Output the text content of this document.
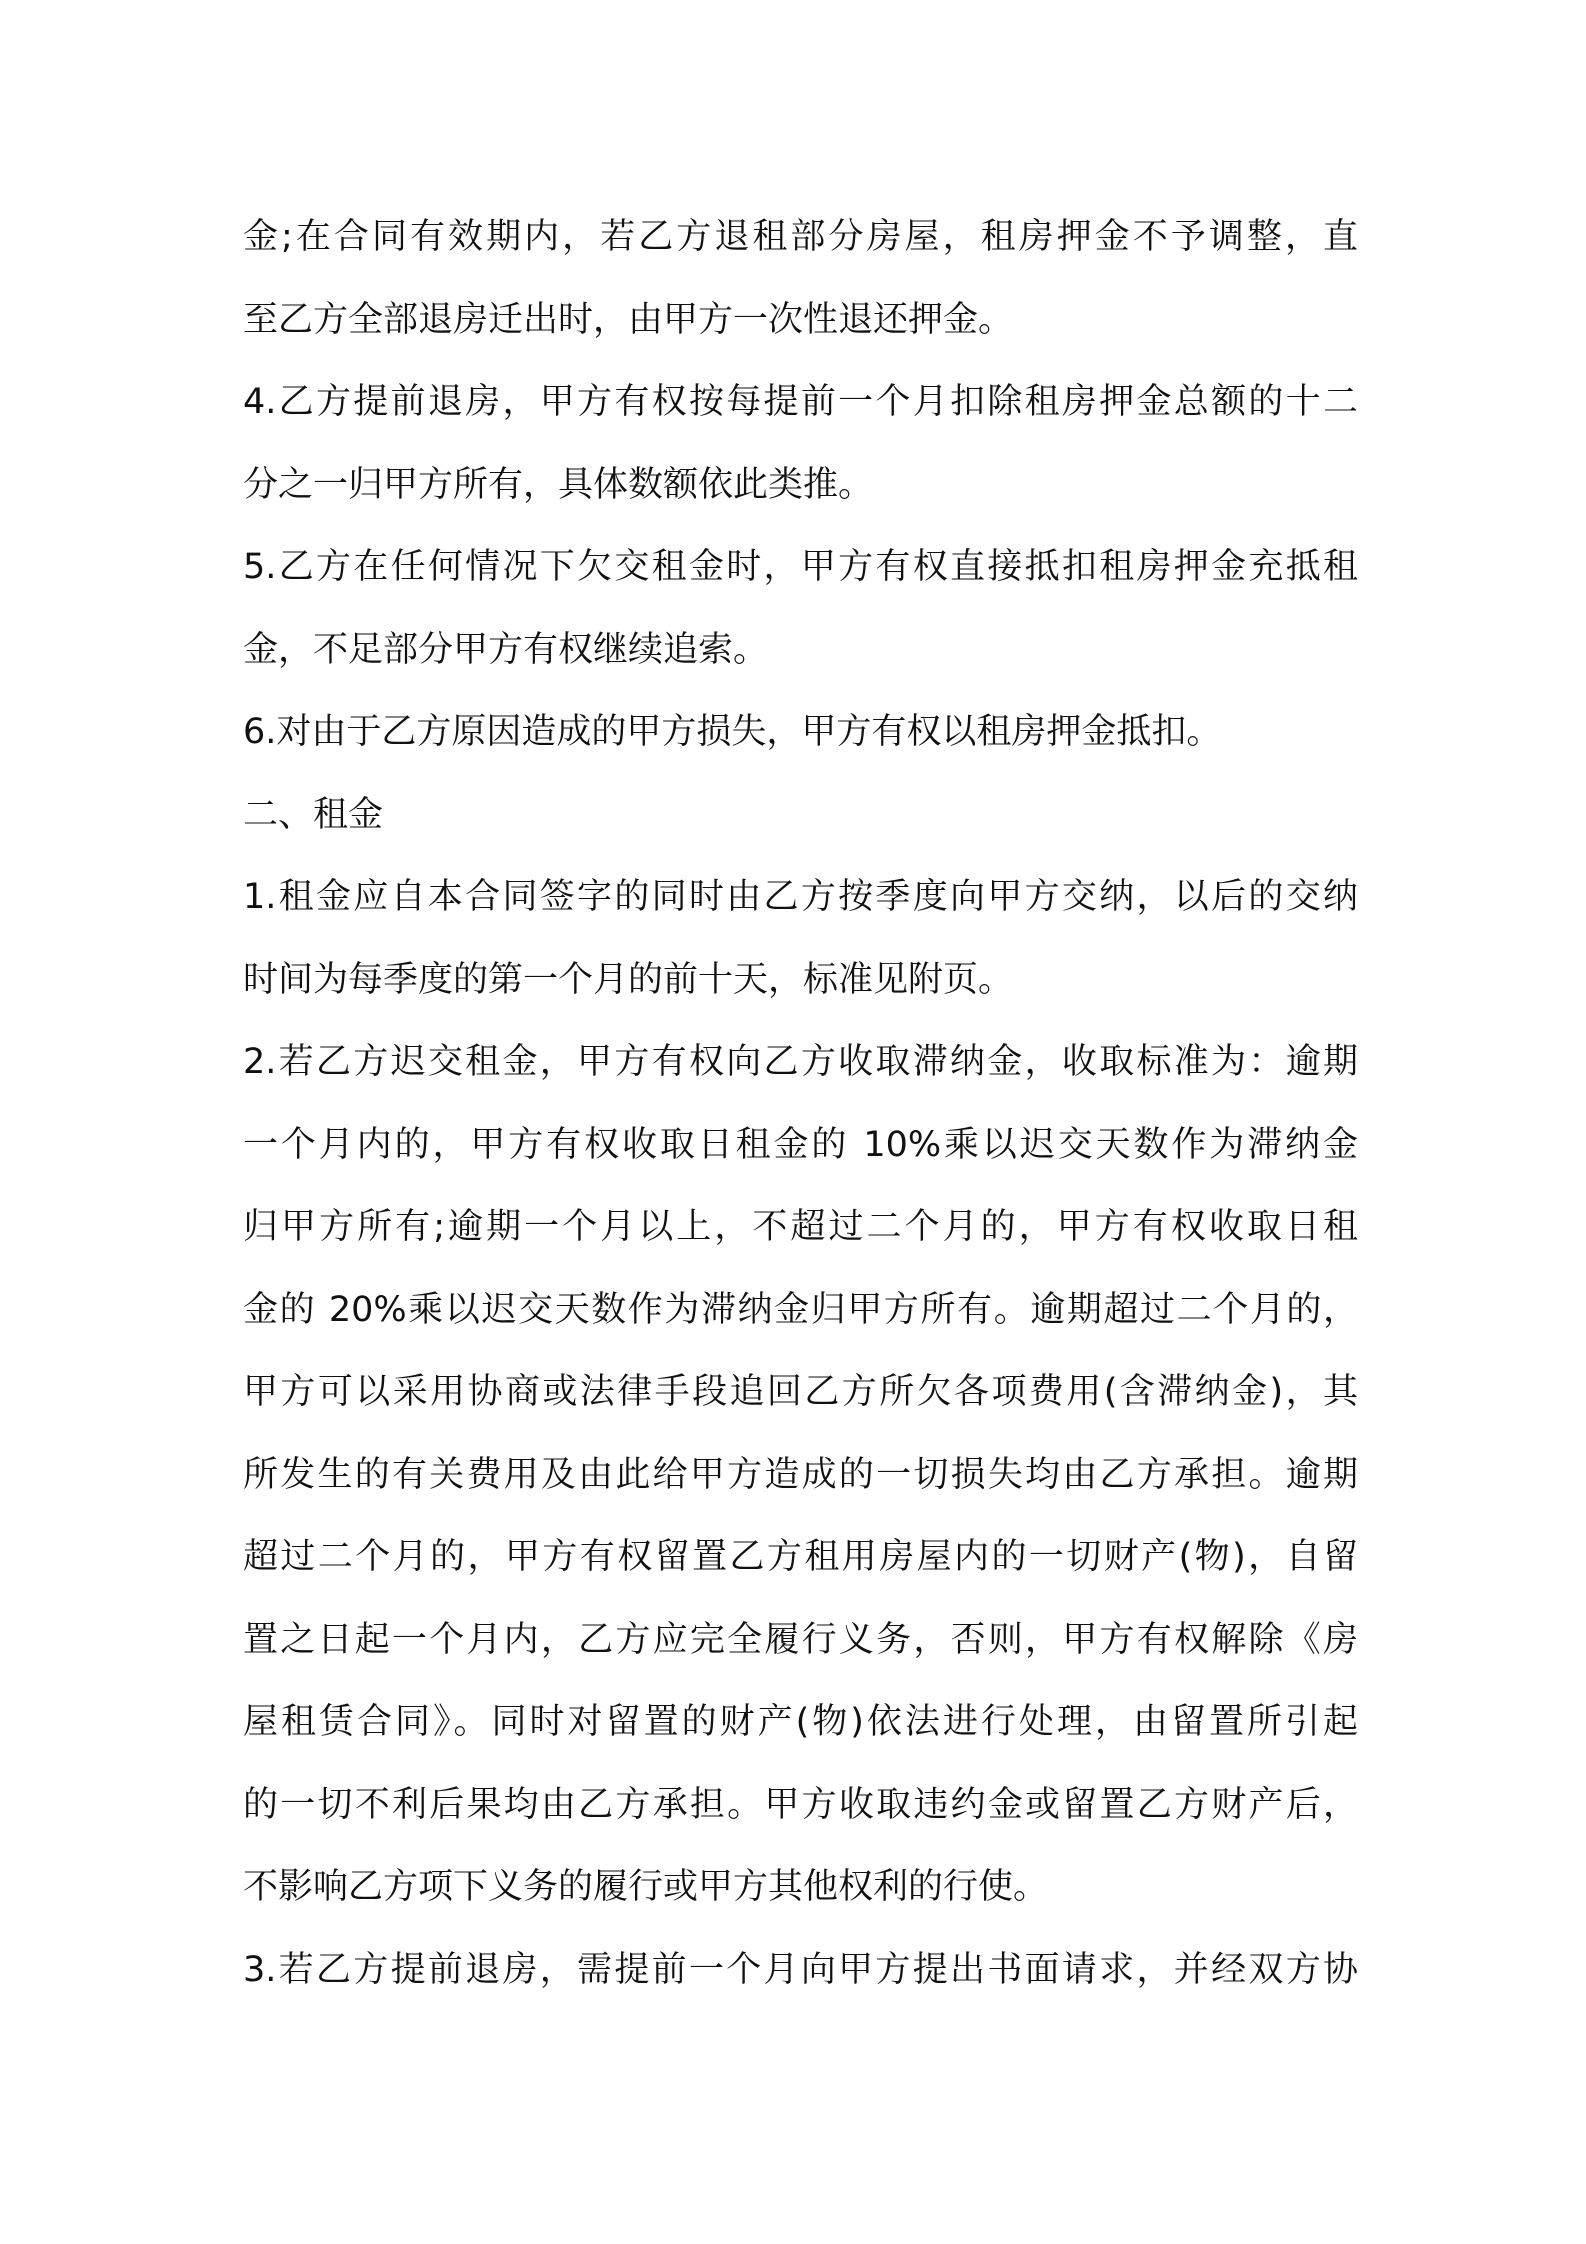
金;在合同有效期内，若乙方退租部分房屋，租房押金不予调整，直
至乙方全部退房迁出时，由甲方一次性退还押金。
4.乙方提前退房，甲方有权按每提前一个月扣除租房押金总额的十二
分之一归甲方所有，具体数额依此类推。
5.乙方在任何情况下欠交租金时，甲方有权直接抵扣租房押金充抵租
金，不足部分甲方有权继续追索。
6.对由于乙方原因造成的甲方损失，甲方有权以租房押金抵扣。
二、租金
1.租金应自本合同签字的同时由乙方按季度向甲方交纳，以后的交纳
时间为每季度的第一个月的前十天，标准见附页。
2.若乙方迟交租金，甲方有权向乙方收取滞纳金，收取标准为：逾期
一个月内的，甲方有权收取日租金的 10%乘以迟交天数作为滞纳金
归甲方所有;逾期一个月以上，不超过二个月的，甲方有权收取日租
金的 20%乘以迟交天数作为滞纳金归甲方所有。逾期超过二个月的，
甲方可以采用协商或法律手段追回乙方所欠各项费用(含滞纳金)，其
所发生的有关费用及由此给甲方造成的一切损失均由乙方承担。逾期
超过二个月的，甲方有权留置乙方租用房屋内的一切财产(物)，自留
置之日起一个月内，乙方应完全履行义务，否则，甲方有权解除《房
屋租赁合同》。同时对留置的财产(物)依法进行处理，由留置所引起
的一切不利后果均由乙方承担。甲方收取违约金或留置乙方财产后，
不影响乙方项下义务的履行或甲方其他权利的行使。
3.若乙方提前退房，需提前一个月向甲方提出书面请求，并经双方协
